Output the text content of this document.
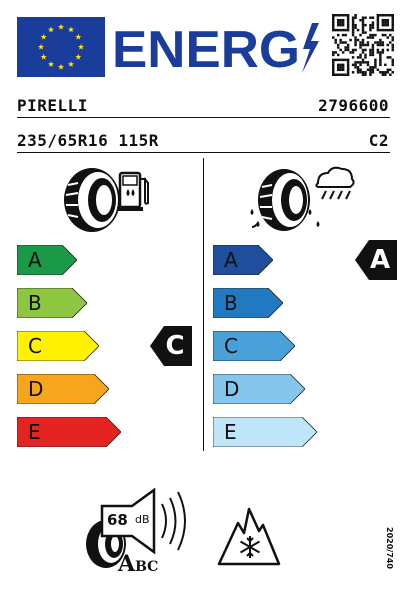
ENERG
PIRELLI	2796600
235/65R16 115R	C2
A
B
C
D
E
C
A
B
C
D
E
A
68 dB
ABC	2020/740
